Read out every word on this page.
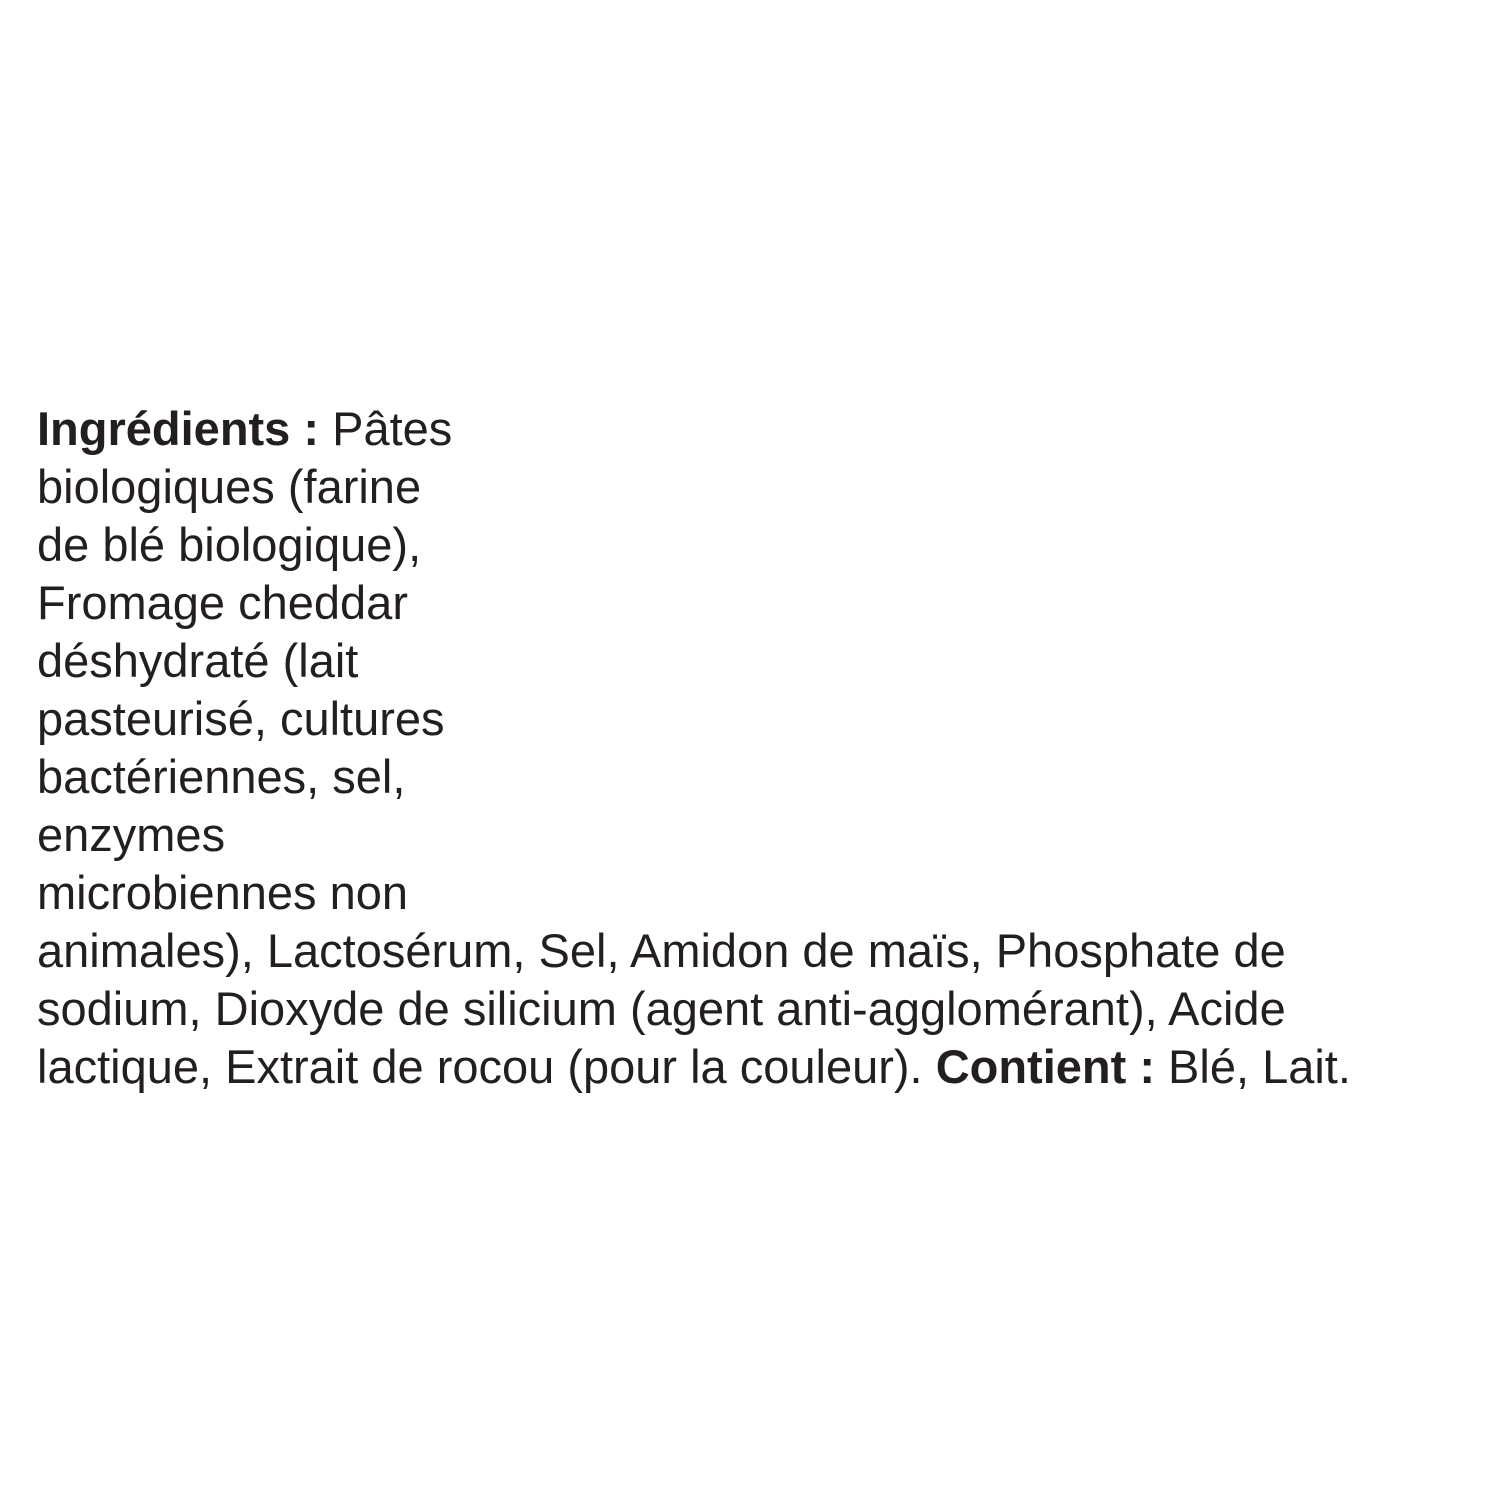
Ingrédients : Pâtes
biologiques (farine
de blé biologique),
Fromage cheddar
déshydraté (lait
pasteurisé, cultures
bactériennes, sel,
enzymes
microbiennes non
animales), Lactosérum, Sel, Amidon de maïs, Phosphate de
sodium, Dioxyde de silicium (agent anti-agglomérant), Acide
lactique, Extrait de rocou (pour la couleur). Contient : Blé, Lait.
